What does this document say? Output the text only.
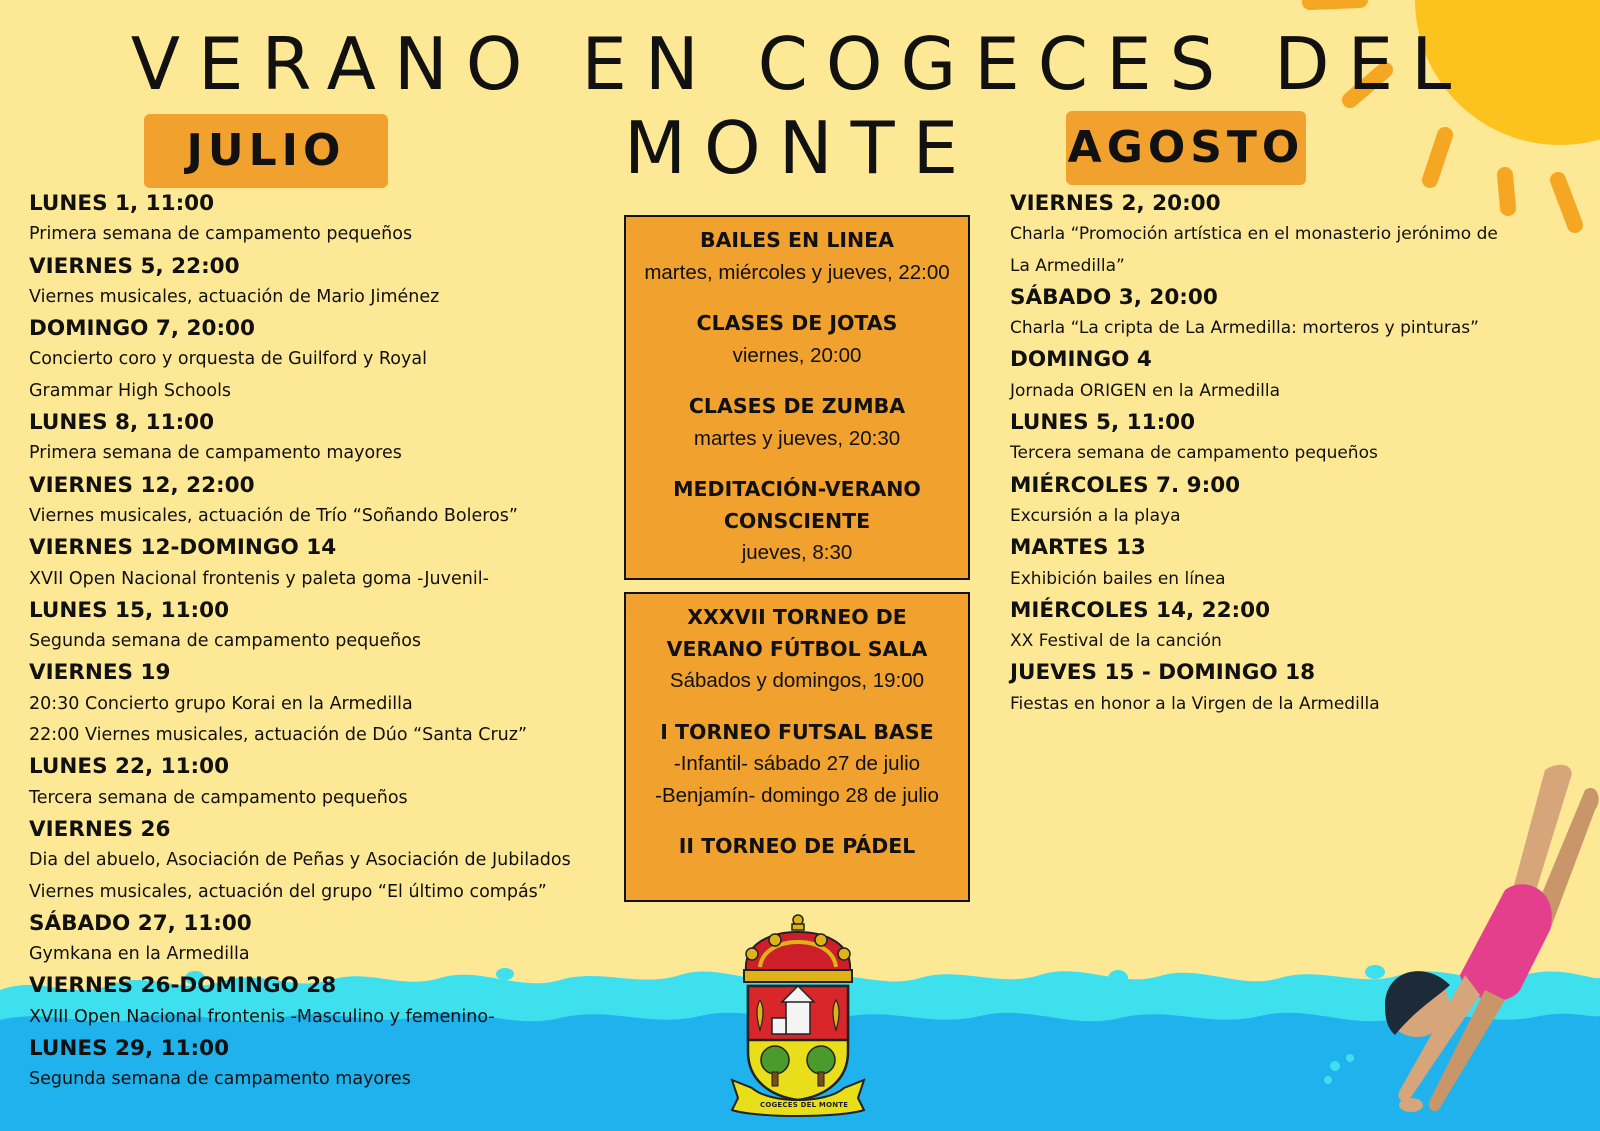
VERANO EN COGECES DEL MONTE
JULIO	AGOSTO
LUNES 1, 11:00
Primera semana de campamento pequeños
VIERNES 5, 22:00
Viernes musicales, actuación de Mario Jiménez
DOMINGO 7, 20:00
Concierto coro y orquesta de Guilford y Royal
Grammar High Schools
LUNES 8, 11:00
Primera semana de campamento mayores
VIERNES 12, 22:00
Viernes musicales, actuación de Trío “Soñando Boleros”
VIERNES 12-DOMINGO 14
XVII Open Nacional frontenis y paleta goma -Juvenil-
LUNES 15, 11:00
Segunda semana de campamento pequeños
VIERNES 19
20:30 Concierto grupo Korai en la Armedilla
22:00 Viernes musicales, actuación de Dúo “Santa Cruz”
LUNES 22, 11:00
Tercera semana de campamento pequeños
VIERNES 26
Dia del abuelo, Asociación de Peñas y Asociación de Jubilados
Viernes musicales, actuación del grupo “El último compás”
SÁBADO 27, 11:00
Gymkana en la Armedilla
VIERNES 26-DOMINGO 28
XVIII Open Nacional frontenis -Masculino y femenino-
LUNES 29, 11:00
Segunda semana de campamento mayores
VIERNES 2, 20:00
Charla “Promoción artística en el monasterio jerónimo de
La Armedilla”
SÁBADO 3, 20:00
Charla “La cripta de La Armedilla: morteros y pinturas”
DOMINGO 4
Jornada ORIGEN en la Armedilla
LUNES 5, 11:00
Tercera semana de campamento pequeños
MIÉRCOLES 7. 9:00
Excursión a la playa
MARTES 13
Exhibición bailes en línea
MIÉRCOLES 14, 22:00
XX Festival de la canción
JUEVES 15 - DOMINGO 18
Fiestas en honor a la Virgen de la Armedilla
BAILES EN LINEA
martes, miércoles y jueves, 22:00
CLASES DE JOTAS
viernes, 20:00
CLASES DE ZUMBA
martes y jueves, 20:30
MEDITACIÓN-VERANO
CONSCIENTE
jueves, 8:30
XXXVII TORNEO DE
VERANO FÚTBOL SALA
Sábados y domingos, 19:00
I TORNEO FUTSAL BASE
-Infantil- sábado 27 de julio
-Benjamín- domingo 28 de julio
II TORNEO DE PÁDEL
COGECES DEL MONTE
